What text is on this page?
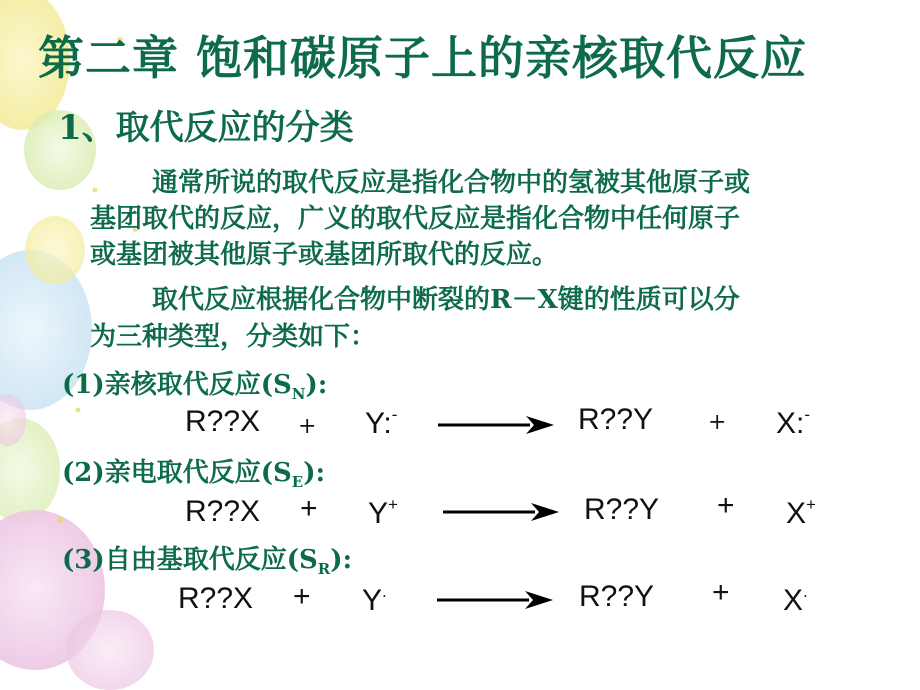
第二章 饱和碳原子上的亲核取代反应
1、取代反应的分类
通常所说的取代反应是指化合物中的氢被其他原子或
基团取代的反应，广义的取代反应是指化合物中任何原子
或基团被其他原子或基团所取代的反应。
取代反应根据化合物中断裂的R－X键的性质可以分
为三种类型，分类如下：
(1)亲核取代反应$(S_N)$:
R??X + Y:-	R??Y + X:-
(2)亲电取代反应$(S_E)$:
R??X + Y+	R??Y + X+
(3)自由基取代反应$(S_R)$:
R??X + Y.	R??Y + X.
